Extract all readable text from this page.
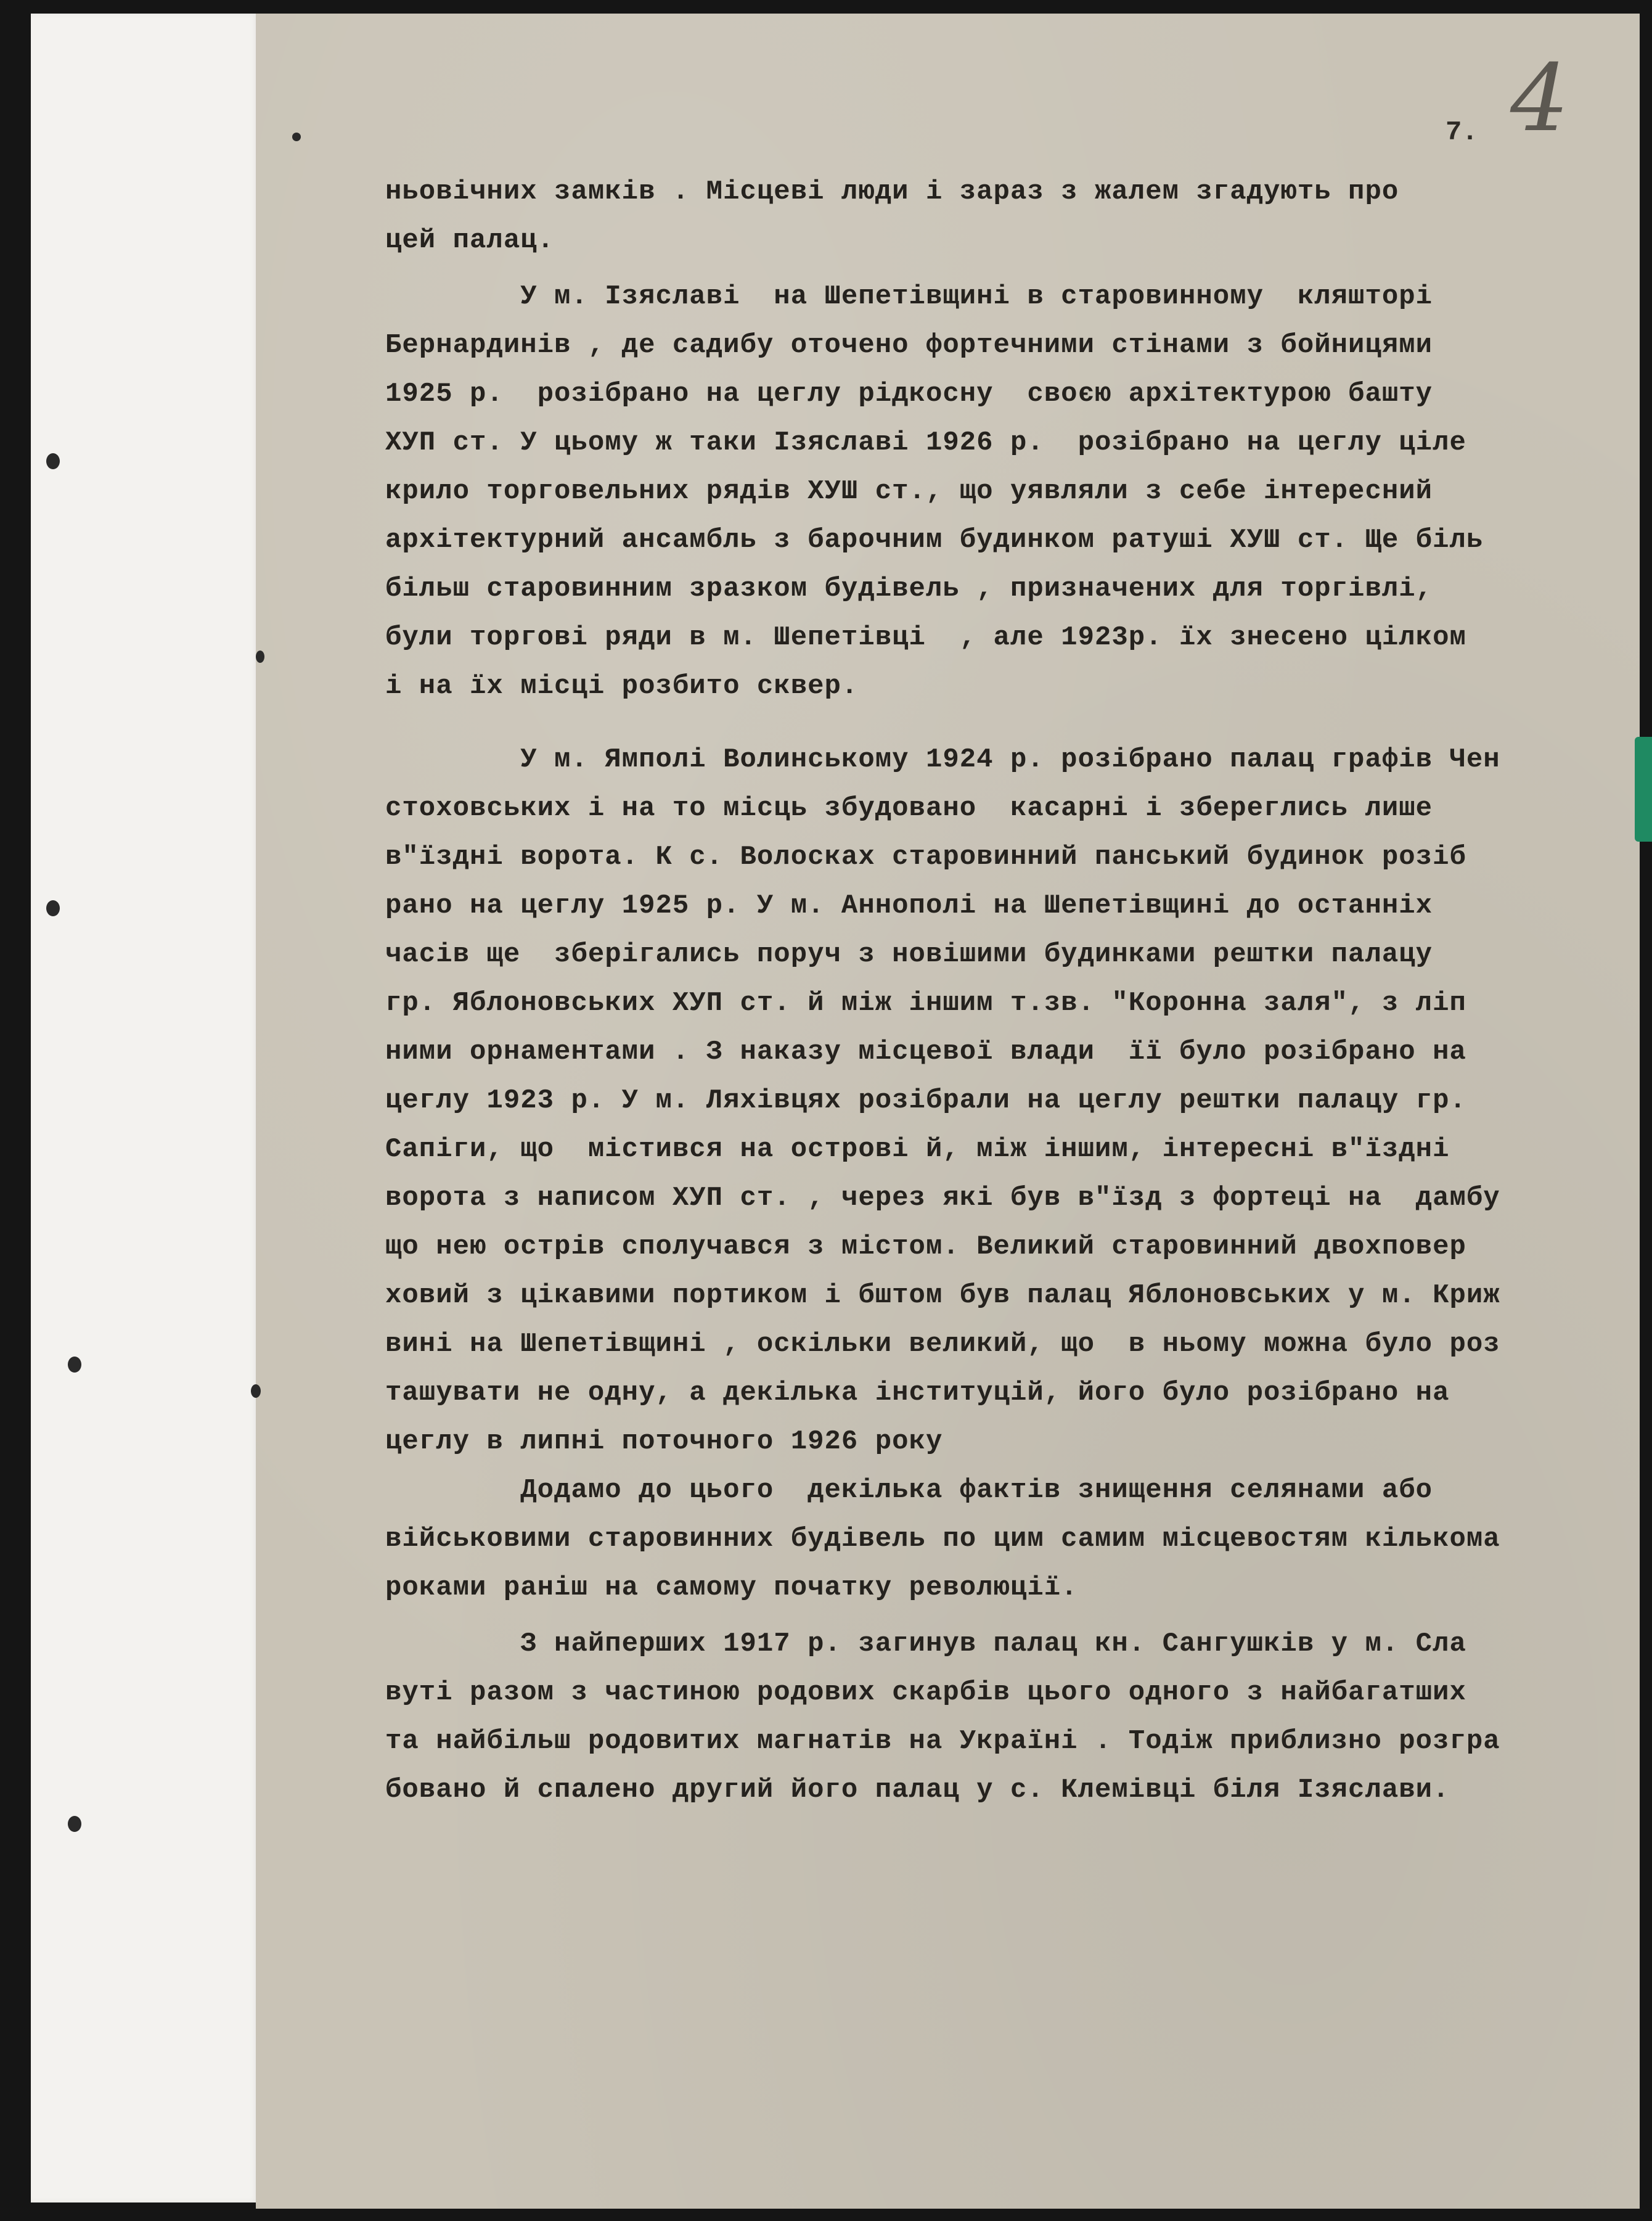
7. 4
ньовічних замків . Місцеві люди і зараз з жалем згадують про
цей палац.
У м. Ізяславі  на Шепетівщині в старовинному  кляшторі
Бернардинів , де садибу оточено фортечними стінами з бойницями
1925 р.  розібрано на цеглу рідкосну  своєю архітектурою башту
ХУП ст. У цьому ж таки Ізяславі 1926 р.  розібрано на цеглу ціле
крило торговельних рядів ХУШ ст., що уявляли з себе інтересний
архітектурний ансамбль з барочним будинком ратуші ХУШ ст. Ще біль
більш старовинним зразком будівель , призначених для торгівлі,
були торгові ряди в м. Шепетівці  , але 1923р. їх знесено цілком
і на їх місці розбито сквер.
У м. Ямполі Волинському 1924 р. розібрано палац графів Чен
стоховських і на то місць збудовано  касарні і збереглись лише
в"їздні ворота. К с. Волосках старовинний панський будинок розіб
рано на цеглу 1925 р. У м. Аннополі на Шепетівщині до останніх
часів ще  зберігались поруч з новішими будинками рештки палацу
гр. Яблоновських ХУП ст. й між іншим т.зв. "Коронна заля", з ліп
ними орнаментами . З наказу місцевої влади  її було розібрано на
цеглу 1923 р. У м. Ляхівцях розібрали на цеглу рештки палацу гр.
Сапіги, що  містився на острові й, між іншим, інтересні в"їздні
ворота з написом ХУП ст. , через які був в"їзд з фортеці на  дамбу
що нею острів сполучався з містом. Великий старовинний двохповер
ховий з цікавими портиком і бштом був палац Яблоновських у м. Криж
вині на Шепетівщині , оскільки великий, що  в ньому можна було роз
ташувати не одну, а декілька інституцій, його було розібрано на
цеглу в липні поточного 1926 року
Додамо до цього  декілька фактів знищення селянами або
військовими старовинних будівель по цим самим місцевостям кількома
роками раніш на самому початку революції.
З найперших 1917 р. загинув палац кн. Сангушків у м. Сла
вуті разом з частиною родових скарбів цього одного з найбагатших
та найбільш родовитих магнатів на Україні . Тодіж приблизно розгра
бовано й спалено другий його палац у с. Клемівці біля Ізяслави.
